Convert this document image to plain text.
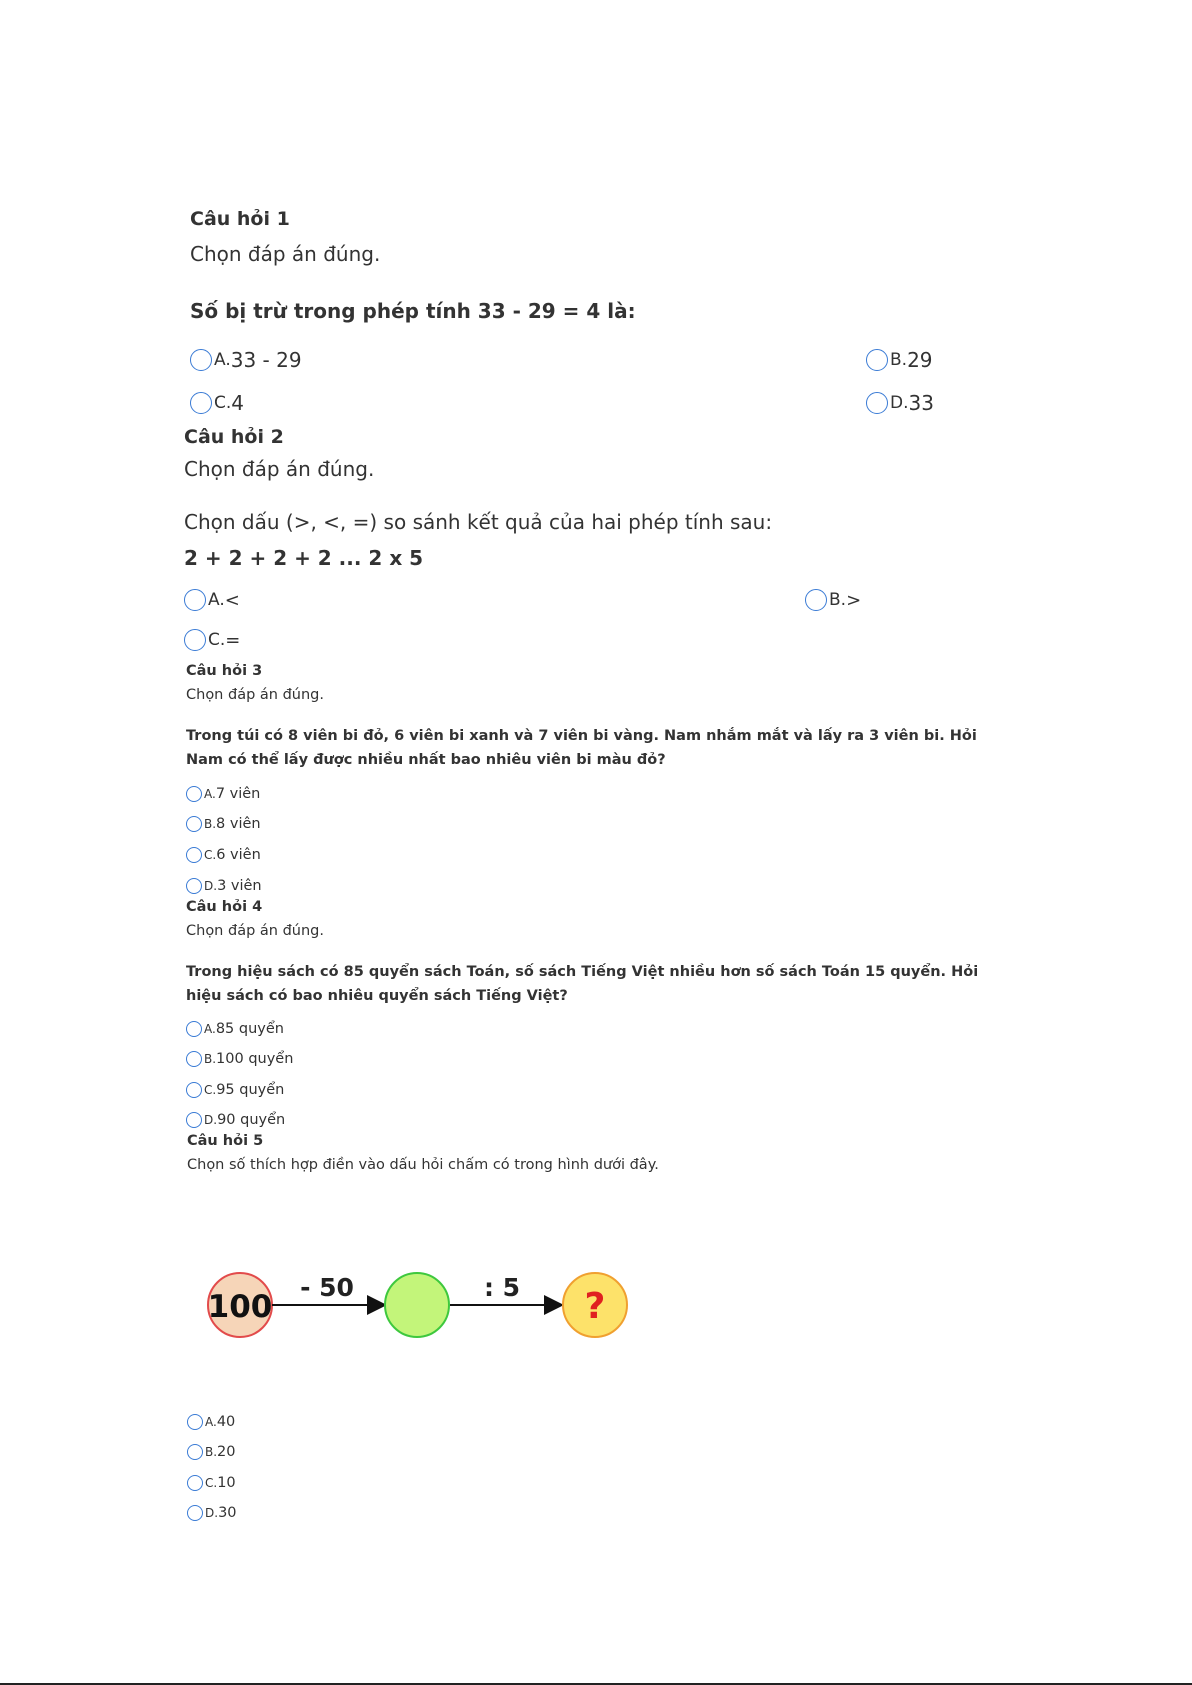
Câu hỏi 1
Chọn đáp án đúng.
Số bị trừ trong phép tính 33 - 29 = 4 là:
A. 33 - 29	B. 29
C. 4	D. 33
Câu hỏi 2
Chọn đáp án đúng.
Chọn dấu (>, <, =) so sánh kết quả của hai phép tính sau:
2 + 2 + 2 + 2 ... 2 x 5
A. <	B. >
C. =
Câu hỏi 3
Chọn đáp án đúng.
Trong túi có 8 viên bi đỏ, 6 viên bi xanh và 7 viên bi vàng. Nam nhắm mắt và lấy ra 3 viên bi. Hỏi Nam có thể lấy được nhiều nhất bao nhiêu viên bi màu đỏ?
A. 7 viên
B. 8 viên
C. 6 viên
D. 3 viên
Câu hỏi 4
Chọn đáp án đúng.
Trong hiệu sách có 85 quyển sách Toán, số sách Tiếng Việt nhiều hơn số sách Toán 15 quyển. Hỏi hiệu sách có bao nhiêu quyển sách Tiếng Việt?
A. 85 quyển
B. 100 quyển
C. 95 quyển
D. 90 quyển
Câu hỏi 5
Chọn số thích hợp điền vào dấu hỏi chấm có trong hình dưới đây.
100
- 50	: 5 ?
A. 40
B. 20
C. 10
D. 30
